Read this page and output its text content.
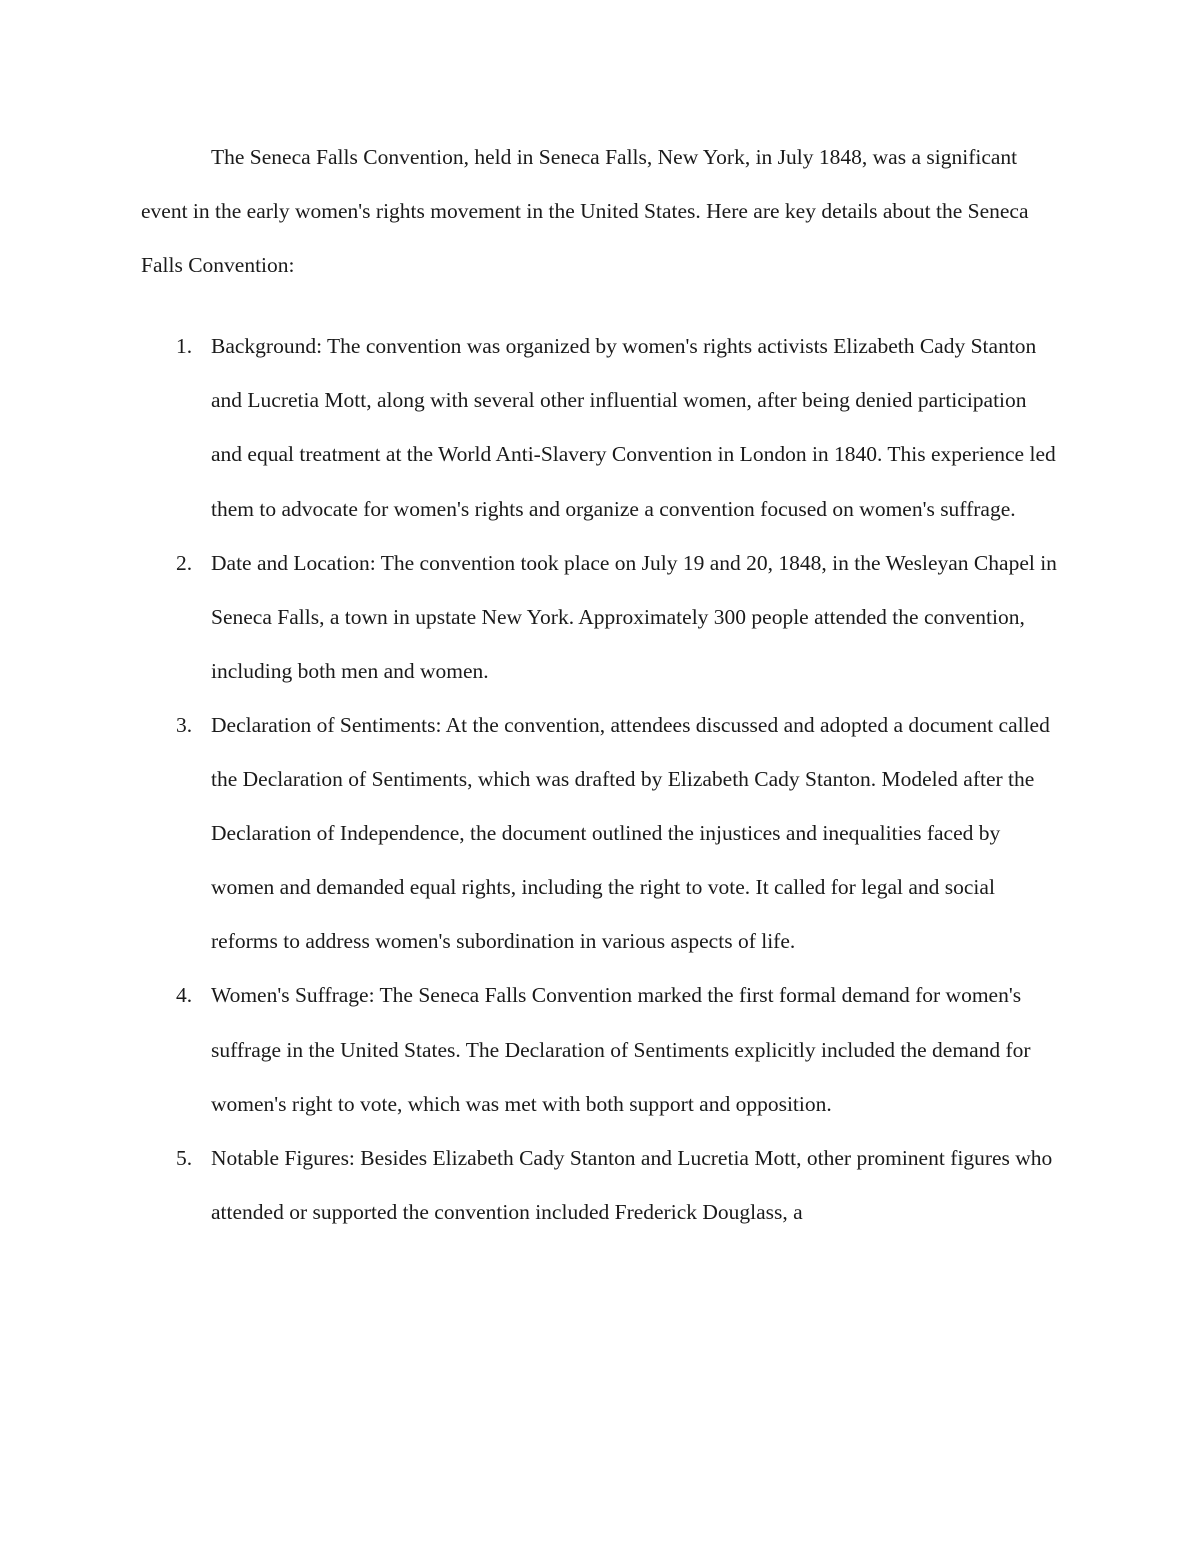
The Seneca Falls Convention, held in Seneca Falls, New York, in July 1848, was a significant event in the early women's rights movement in the United States. Here are key details about the Seneca Falls Convention:

1. Background: The convention was organized by women's rights activists Elizabeth Cady Stanton and Lucretia Mott, along with several other influential women, after being denied participation and equal treatment at the World Anti-Slavery Convention in London in 1840. This experience led them to advocate for women's rights and organize a convention focused on women's suffrage.
2. Date and Location: The convention took place on July 19 and 20, 1848, in the Wesleyan Chapel in Seneca Falls, a town in upstate New York. Approximately 300 people attended the convention, including both men and women.
3. Declaration of Sentiments: At the convention, attendees discussed and adopted a document called the Declaration of Sentiments, which was drafted by Elizabeth Cady Stanton. Modeled after the Declaration of Independence, the document outlined the injustices and inequalities faced by women and demanded equal rights, including the right to vote. It called for legal and social reforms to address women's subordination in various aspects of life.
4. Women's Suffrage: The Seneca Falls Convention marked the first formal demand for women's suffrage in the United States. The Declaration of Sentiments explicitly included the demand for women's right to vote, which was met with both support and opposition.
5. Notable Figures: Besides Elizabeth Cady Stanton and Lucretia Mott, other prominent figures who attended or supported the convention included Frederick Douglass, a
